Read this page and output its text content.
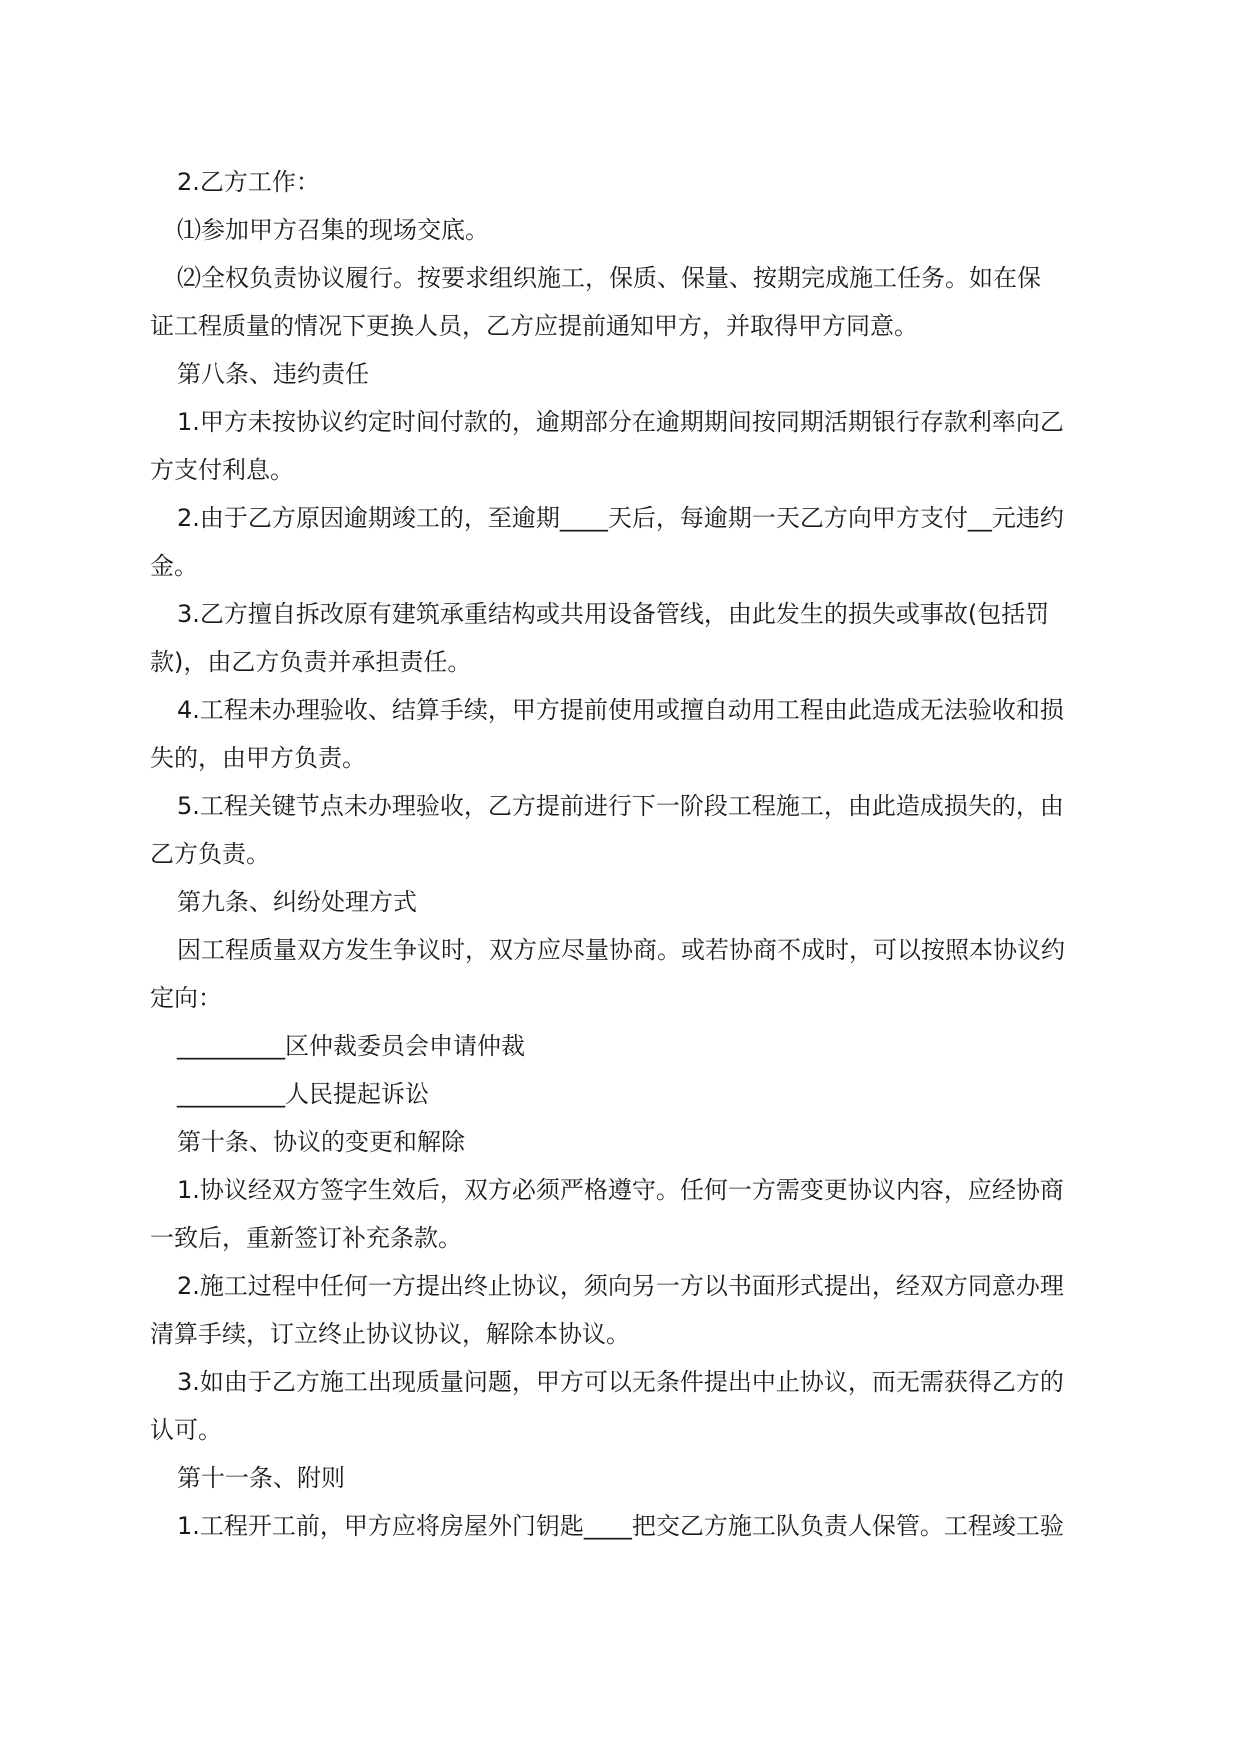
2.乙方工作：
⑴参加甲方召集的现场交底。
⑵全权负责协议履行。按要求组织施工，保质、保量、按期完成施工任务。如在保
证工程质量的情况下更换人员，乙方应提前通知甲方，并取得甲方同意。
第八条、违约责任
1.甲方未按协议约定时间付款的，逾期部分在逾期期间按同期活期银行存款利率向乙
方支付利息。
2.由于乙方原因逾期竣工的，至逾期____天后，每逾期一天乙方向甲方支付__元违约
金。
3.乙方擅自拆改原有建筑承重结构或共用设备管线，由此发生的损失或事故(包括罚
款)，由乙方负责并承担责任。
4.工程未办理验收、结算手续，甲方提前使用或擅自动用工程由此造成无法验收和损
失的，由甲方负责。
5.工程关键节点未办理验收，乙方提前进行下一阶段工程施工，由此造成损失的，由
乙方负责。
第九条、纠纷处理方式
因工程质量双方发生争议时，双方应尽量协商。或若协商不成时，可以按照本协议约
定向：
_________区仲裁委员会申请仲裁
_________人民提起诉讼
第十条、协议的变更和解除
1.协议经双方签字生效后，双方必须严格遵守。任何一方需变更协议内容，应经协商
一致后，重新签订补充条款。
2.施工过程中任何一方提出终止协议，须向另一方以书面形式提出，经双方同意办理
清算手续，订立终止协议协议，解除本协议。
3.如由于乙方施工出现质量问题，甲方可以无条件提出中止协议，而无需获得乙方的
认可。
第十一条、附则
1.工程开工前，甲方应将房屋外门钥匙____把交乙方施工队负责人保管。工程竣工验
